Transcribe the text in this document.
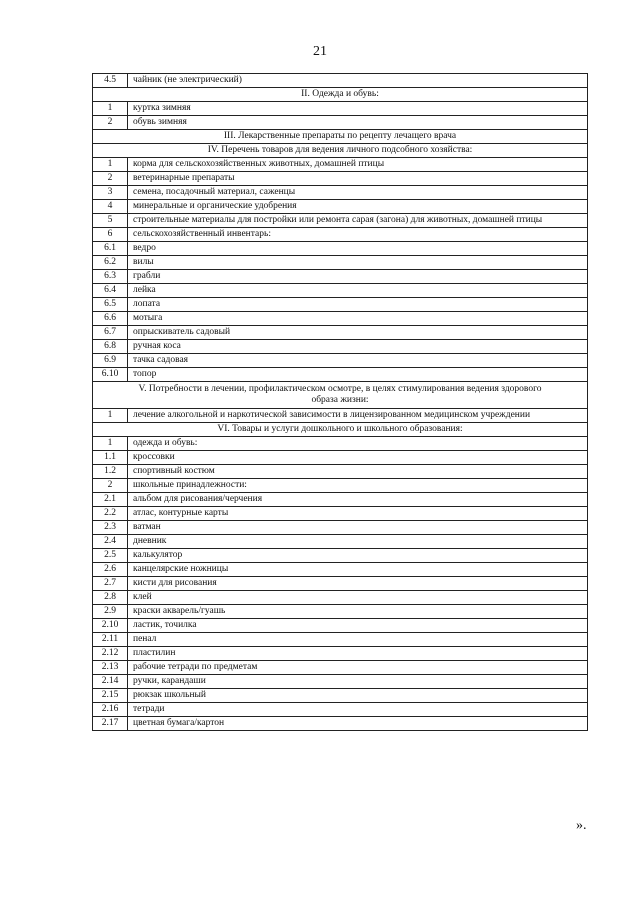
21
4.5	чайник (не электрический)
II. Одежда и обувь:	
1	куртка зимняя
2	обувь зимняя
III. Лекарственные препараты по рецепту лечащего врача	
IV. Перечень товаров для ведения личного подсобного хозяйства:	
1	корма для сельскохозяйственных животных, домашней птицы
2	ветеринарные препараты
3	семена, посадочный материал, саженцы
4	минеральные и органические удобрения
5	строительные материалы для постройки или ремонта сарая (загона) для животных, домашней птицы
6	сельскохозяйственный инвентарь:
6.1	ведро
6.2	вилы
6.3	грабли
6.4	лейка
6.5	лопата
6.6	мотыга
6.7	опрыскиватель садовый
6.8	ручная коса
6.9	тачка садовая
6.10	топор
V. Потребности в лечении, профилактическом осмотре, в целях стимулирования ведения здорового образа жизни:	
1	лечение алкогольной и наркотической зависимости в лицензированном медицинском учреждении
VI. Товары и услуги дошкольного и школьного образования:	
1	одежда и обувь:
1.1	кроссовки
1.2	спортивный костюм
2	школьные принадлежности:
2.1	альбом для рисования/черчения
2.2	атлас, контурные карты
2.3	ватман
2.4	дневник
2.5	калькулятор
2.6	канцелярские ножницы
2.7	кисти для рисования
2.8	клей
2.9	краски акварель/гуашь
2.10	ластик, точилка
2.11	пенал
2.12	пластилин
2.13	рабочие тетради по предметам
2.14	ручки, карандаши
2.15	рюкзак школьный
2.16	тетради
2.17	цветная бумага/картон
».
